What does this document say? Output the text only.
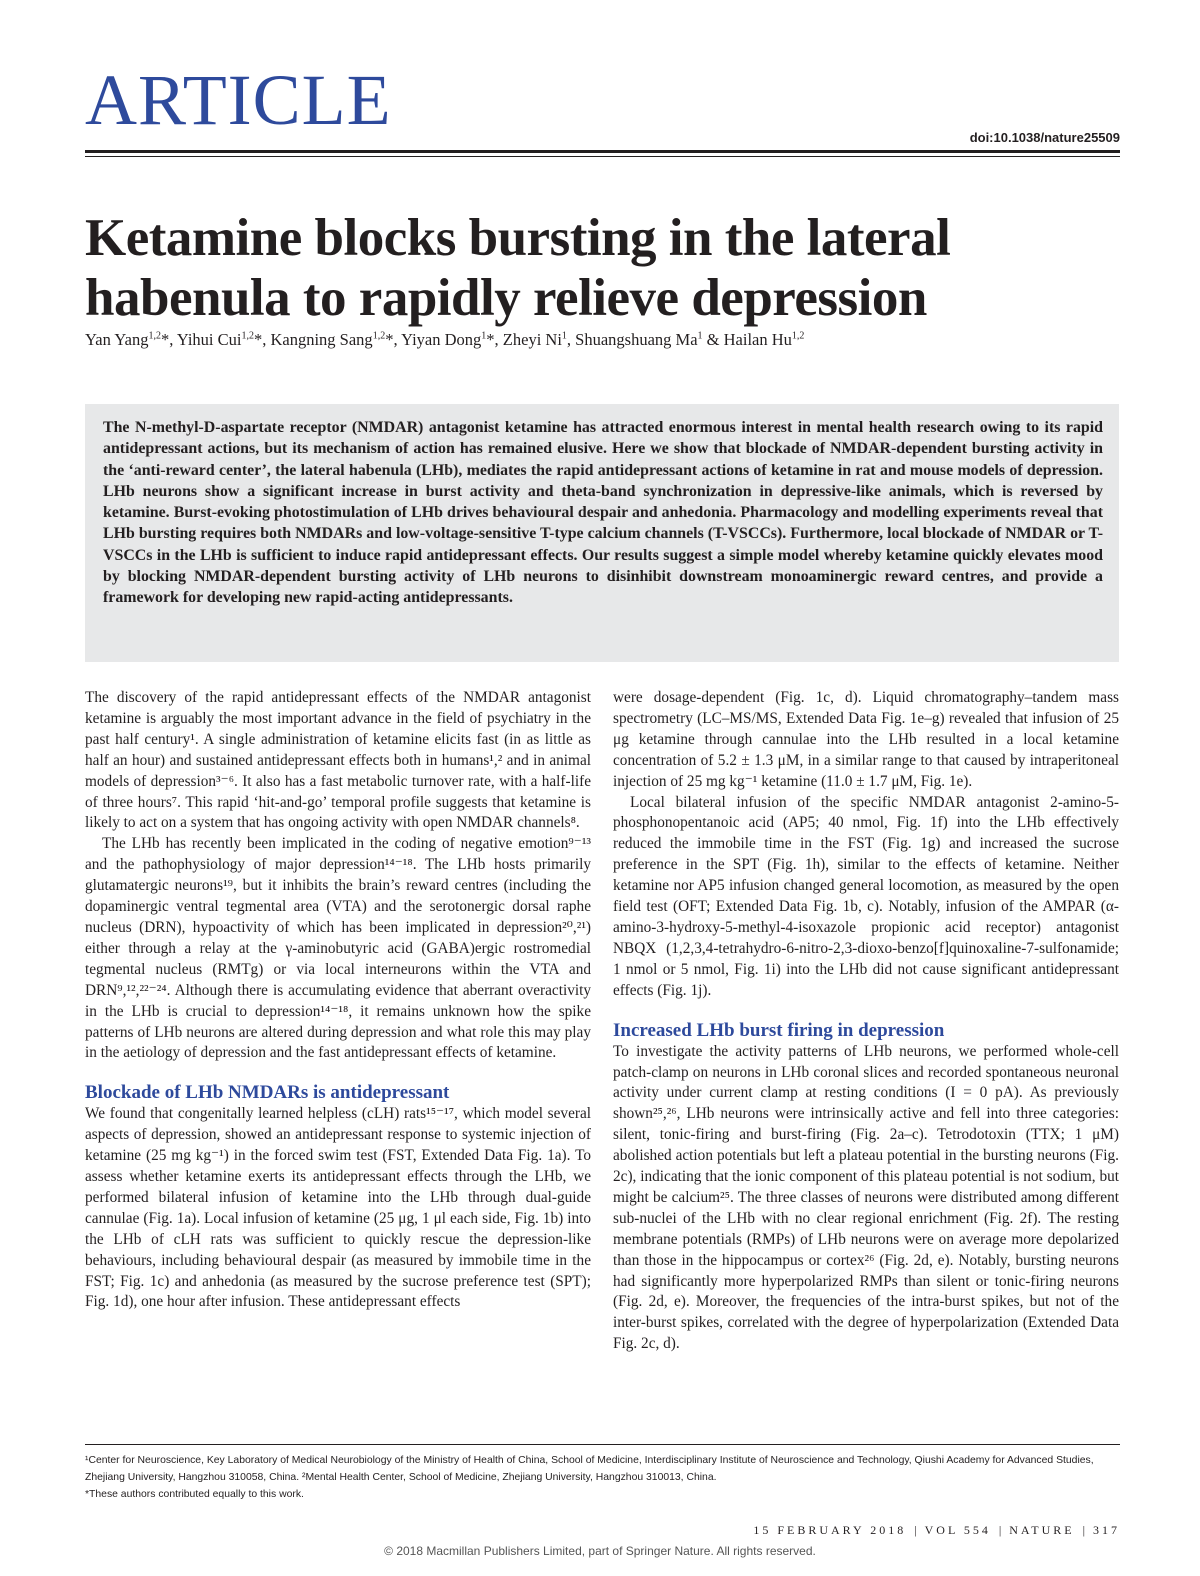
ARTICLE	doi:10.1038/nature25509
Ketamine blocks bursting in the lateral habenula to rapidly relieve depression
Yan Yang$^{1,2}$*, Yihui Cui$^{1,2}$*, Kangning Sang$^{1,2}$*, Yiyan Dong$^1$*, Zheyi Ni$^1$, Shuangshuang Ma$^1$ & Hailan Hu$^{1,2}$

The N-methyl-D-aspartate receptor (NMDAR) antagonist ketamine has attracted enormous interest in mental health research owing to its rapid antidepressant actions, but its mechanism of action has remained elusive. Here we show that blockade of NMDAR-dependent bursting activity in the ‘anti-reward center’, the lateral habenula (LHb), mediates the rapid antidepressant actions of ketamine in rat and mouse models of depression. LHb neurons show a significant increase in burst activity and theta-band synchronization in depressive-like animals, which is reversed by ketamine. Burst-evoking photostimulation of LHb drives behavioural despair and anhedonia. Pharmacology and modelling experiments reveal that LHb bursting requires both NMDARs and low-voltage-sensitive T-type calcium channels (T-VSCCs). Furthermore, local blockade of NMDAR or T-VSCCs in the LHb is sufficient to induce rapid antidepressant effects. Our results suggest a simple model whereby ketamine quickly elevates mood by blocking NMDAR-dependent bursting activity of LHb neurons to disinhibit downstream monoaminergic reward centres, and provide a framework for developing new rapid-acting antidepressants.

The discovery of the rapid antidepressant effects of the NMDAR antagonist ketamine is arguably the most important advance in the field of psychiatry in the past half century¹. A single administration of ketamine elicits fast (in as little as half an hour) and sustained antidepressant effects both in humans¹,² and in animal models of depression³⁻⁶. It also has a fast metabolic turnover rate, with a half-life of three hours⁷. This rapid ‘hit-and-go’ temporal profile suggests that ketamine is likely to act on a system that has ongoing activity with open NMDAR channels⁸.

The LHb has recently been implicated in the coding of negative emotion⁹⁻¹³ and the pathophysiology of major depression¹⁴⁻¹⁸. The LHb hosts primarily glutamatergic neurons¹⁹, but it inhibits the brain’s reward centres (including the dopaminergic ventral tegmental area (VTA) and the serotonergic dorsal raphe nucleus (DRN), hypoactivity of which has been implicated in depression²⁰,²¹) either through a relay at the γ-aminobutyric acid (GABA)ergic rostromedial tegmental nucleus (RMTg) or via local interneurons within the VTA and DRN⁹,¹²,²²⁻²⁴. Although there is accumulating evidence that aberrant overactivity in the LHb is crucial to depression¹⁴⁻¹⁸, it remains unknown how the spike patterns of LHb neurons are altered during depression and what role this may play in the aetiology of depression and the fast antidepressant effects of ketamine.

Blockade of LHb NMDARs is antidepressant

We found that congenitally learned helpless (cLH) rats¹⁵⁻¹⁷, which model several aspects of depression, showed an antidepressant response to systemic injection of ketamine (25 mg kg⁻¹) in the forced swim test (FST, Extended Data Fig. 1a). To assess whether ketamine exerts its antidepressant effects through the LHb, we performed bilateral infusion of ketamine into the LHb through dual-guide cannulae (Fig. 1a). Local infusion of ketamine (25 μg, 1 μl each side, Fig. 1b) into the LHb of cLH rats was sufficient to quickly rescue the depression-like behaviours, including behavioural despair (as measured by immobile time in the FST; Fig. 1c) and anhedonia (as measured by the sucrose preference test (SPT); Fig. 1d), one hour after infusion. These antidepressant effects

were dosage-dependent (Fig. 1c, d). Liquid chromatography–tandem mass spectrometry (LC–MS/MS, Extended Data Fig. 1e–g) revealed that infusion of 25 μg ketamine through cannulae into the LHb resulted in a local ketamine concentration of 5.2 ± 1.3 μM, in a similar range to that caused by intraperitoneal injection of 25 mg kg⁻¹ ketamine (11.0 ± 1.7 μM, Fig. 1e).

Local bilateral infusion of the specific NMDAR antagonist 2-amino-5-phosphonopentanoic acid (AP5; 40 nmol, Fig. 1f) into the LHb effectively reduced the immobile time in the FST (Fig. 1g) and increased the sucrose preference in the SPT (Fig. 1h), similar to the effects of ketamine. Neither ketamine nor AP5 infusion changed general locomotion, as measured by the open field test (OFT; Extended Data Fig. 1b, c). Notably, infusion of the AMPAR (α-amino-3-hydroxy-5-methyl-4-isoxazole propionic acid receptor) antagonist NBQX (1,2,3,4-tetrahydro-6-nitro-2,3-dioxo-benzo[f]quinoxaline-7-sulfonamide; 1 nmol or 5 nmol, Fig. 1i) into the LHb did not cause significant antidepressant effects (Fig. 1j).

Increased LHb burst firing in depression

To investigate the activity patterns of LHb neurons, we performed whole-cell patch-clamp on neurons in LHb coronal slices and recorded spontaneous neuronal activity under current clamp at resting conditions (I = 0 pA). As previously shown²⁵,²⁶, LHb neurons were intrinsically active and fell into three categories: silent, tonic-firing and burst-firing (Fig. 2a–c). Tetrodotoxin (TTX; 1 μM) abolished action potentials but left a plateau potential in the bursting neurons (Fig. 2c), indicating that the ionic component of this plateau potential is not sodium, but might be calcium²⁵. The three classes of neurons were distributed among different sub-nuclei of the LHb with no clear regional enrichment (Fig. 2f). The resting membrane potentials (RMPs) of LHb neurons were on average more depolarized than those in the hippocampus or cortex²⁶ (Fig. 2d, e). Notably, bursting neurons had significantly more hyperpolarized RMPs than silent or tonic-firing neurons (Fig. 2d, e). Moreover, the frequencies of the intra-burst spikes, but not of the inter-burst spikes, correlated with the degree of hyperpolarization (Extended Data Fig. 2c, d).

¹Center for Neuroscience, Key Laboratory of Medical Neurobiology of the Ministry of Health of China, School of Medicine, Interdisciplinary Institute of Neuroscience and Technology, Qiushi Academy for Advanced Studies, Zhejiang University, Hangzhou 310058, China. ²Mental Health Center, School of Medicine, Zhejiang University, Hangzhou 310013, China.

*These authors contributed equally to this work.

15 FEBRUARY 2018 | VOL 554 | NATURE | 317
© 2018 Macmillan Publishers Limited, part of Springer Nature. All rights reserved.
